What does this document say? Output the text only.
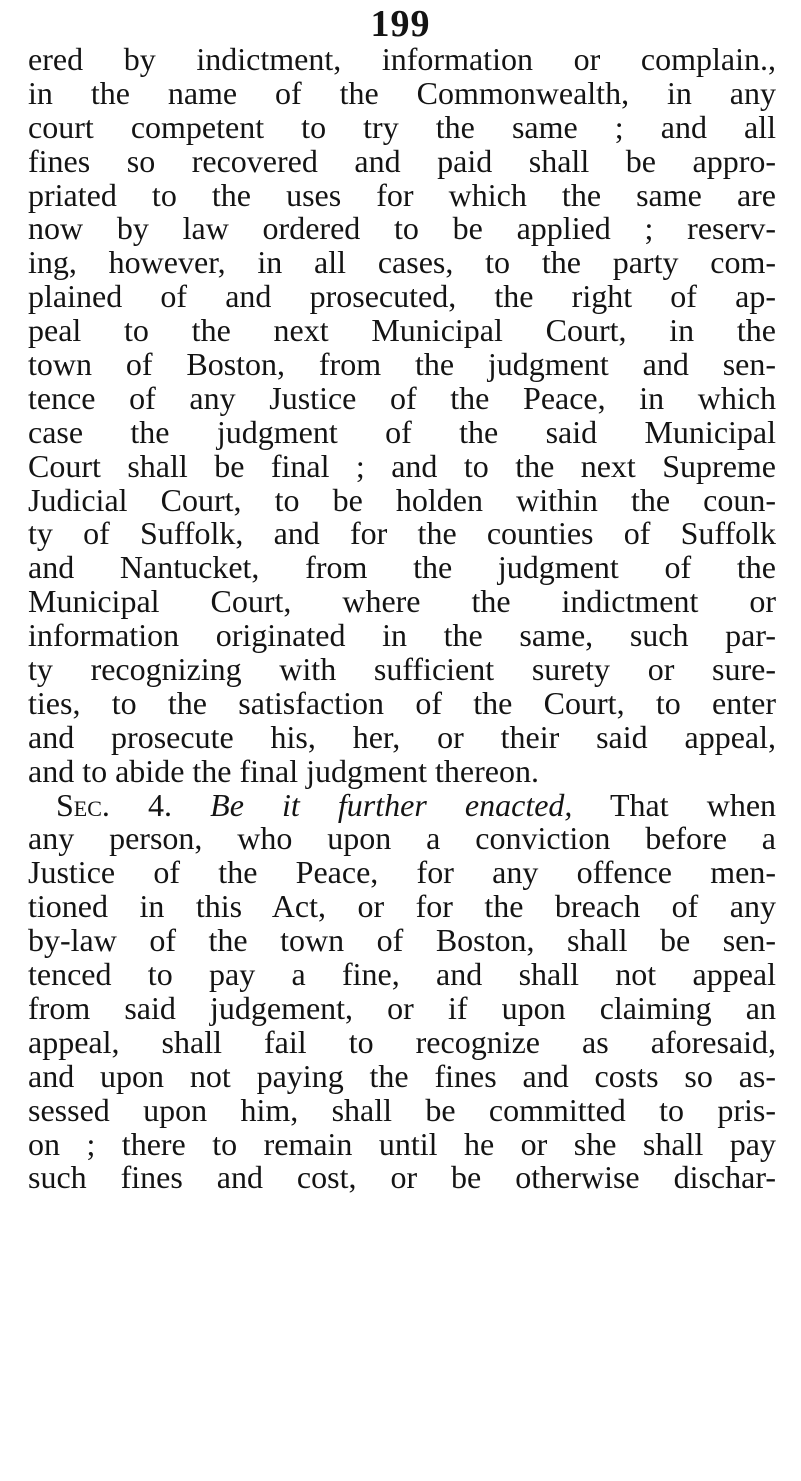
199
ered by indictment, information or complain.,
in the name of the Commonwealth, in any
court competent to try the same ; and all
fines so recovered and paid shall be appro-
priated to the uses for which the same are
now by law ordered to be applied ; reserv-
ing, however, in all cases, to the party com-
plained of and prosecuted, the right of ap-
peal to the next Municipal Court, in the
town of Boston, from the judgment and sen-
tence of any Justice of the Peace, in which
case the judgment of the said Municipal
Court shall be final ; and to the next Supreme
Judicial Court, to be holden within the coun-
ty of Suffolk, and for the counties of Suffolk
and Nantucket, from the judgment of the
Municipal Court, where the indictment or
information originated in the same, such par-
ty recognizing with sufficient surety or sure-
ties, to the satisfaction of the Court, to enter
and prosecute his, her, or their said appeal,
and to abide the final judgment thereon.
Sec. 4. Be it further enacted, That when
any person, who upon a conviction before a
Justice of the Peace, for any offence men-
tioned in this Act, or for the breach of any
by-law of the town of Boston, shall be sen-
tenced to pay a fine, and shall not appeal
from said judgement, or if upon claiming an
appeal, shall fail to recognize as aforesaid,
and upon not paying the fines and costs so as-
sessed upon him, shall be committed to pris-
on ; there to remain until he or she shall pay
such fines and cost, or be otherwise dischar-
